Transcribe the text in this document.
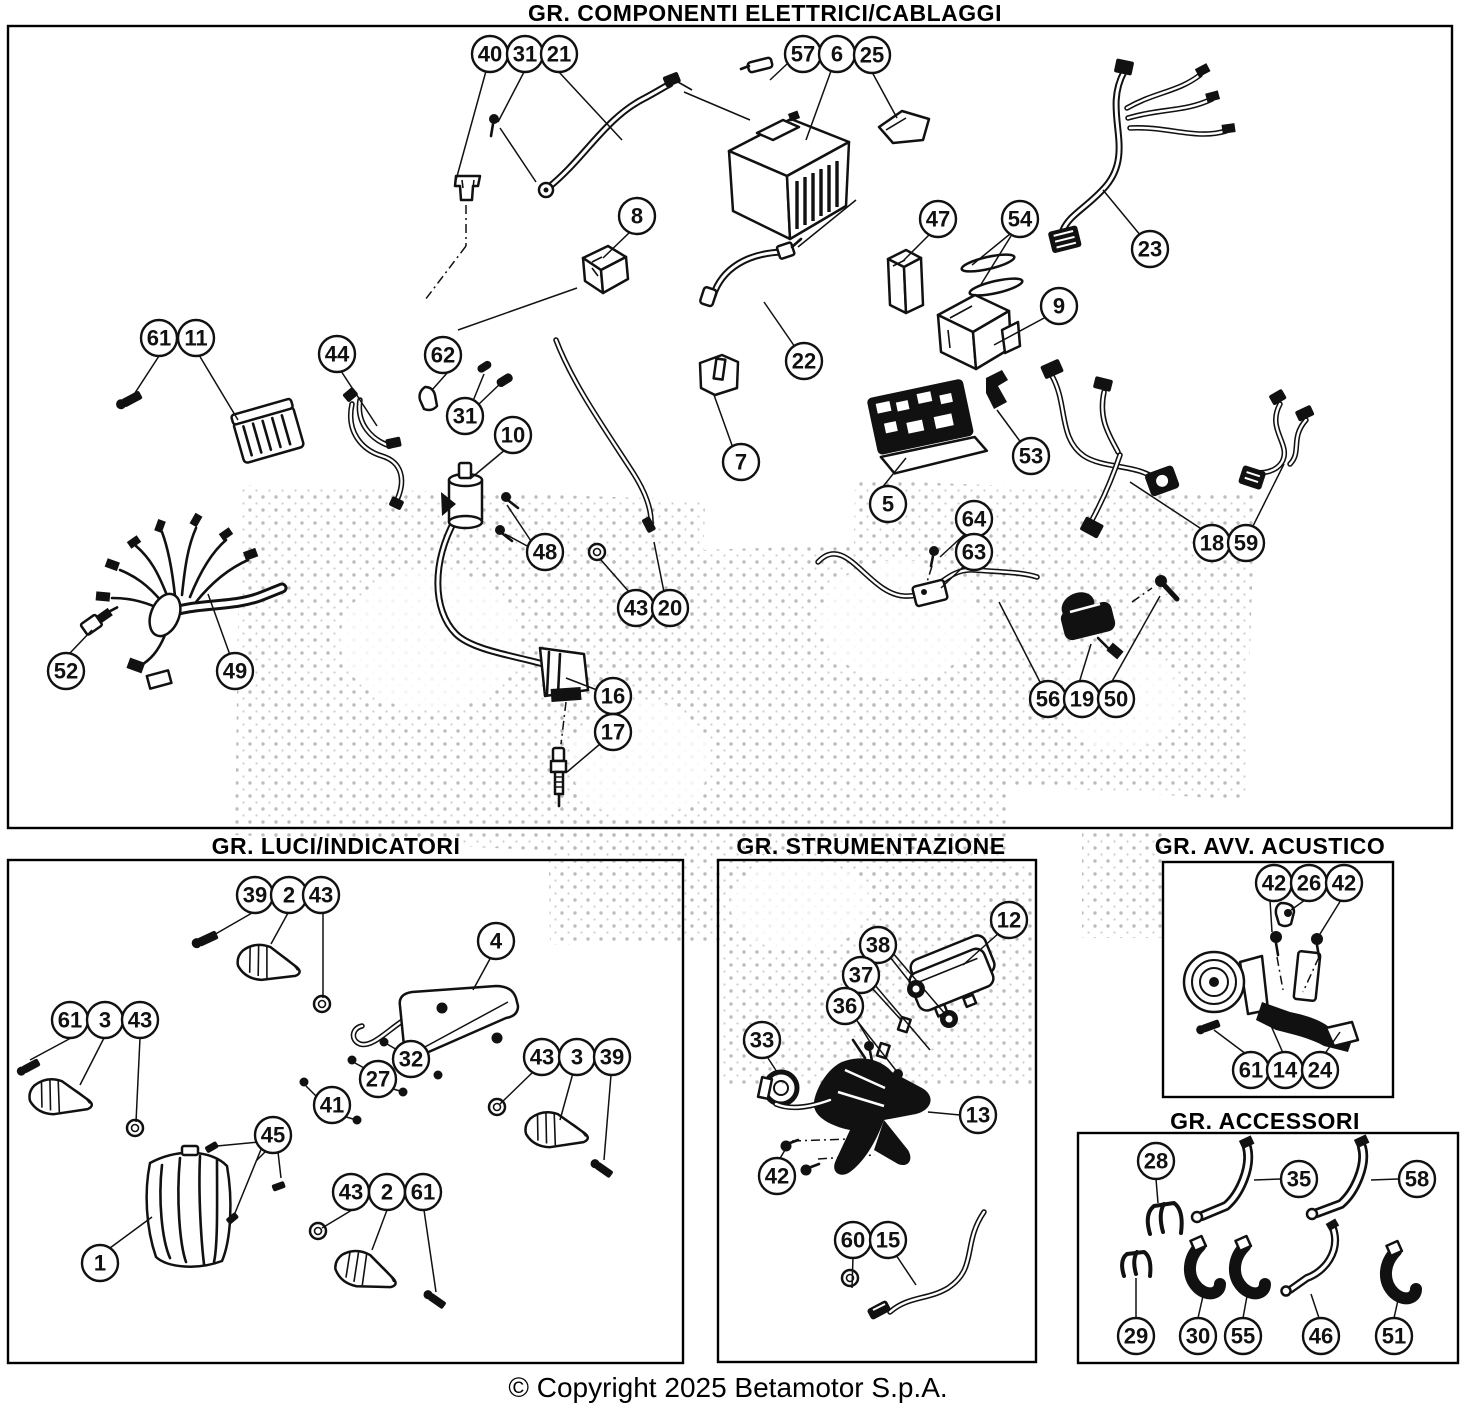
40 31 21	57 6 25
8	47	54
23
9
61 11
44	62	22
31
10
53
7
5
64
18 59
48	63
43 20
52	49
16	56 19 50
17
39 2 43
4
61 3 43
43 3 39
32
27
41
45
43 2 61
1
12
38
37
36
33
13
42
60 15
42 26 42
61 14 24
28
35	58
29 30 55 46 51
GR. COMPONENTI ELETTRICI/CABLAGGI
GR. LUCI/INDICATORI	GR. STRUMENTAZIONE	GR. AVV. ACUSTICO
GR. ACCESSORI
© Copyright 2025 Betamotor S.p.A.
